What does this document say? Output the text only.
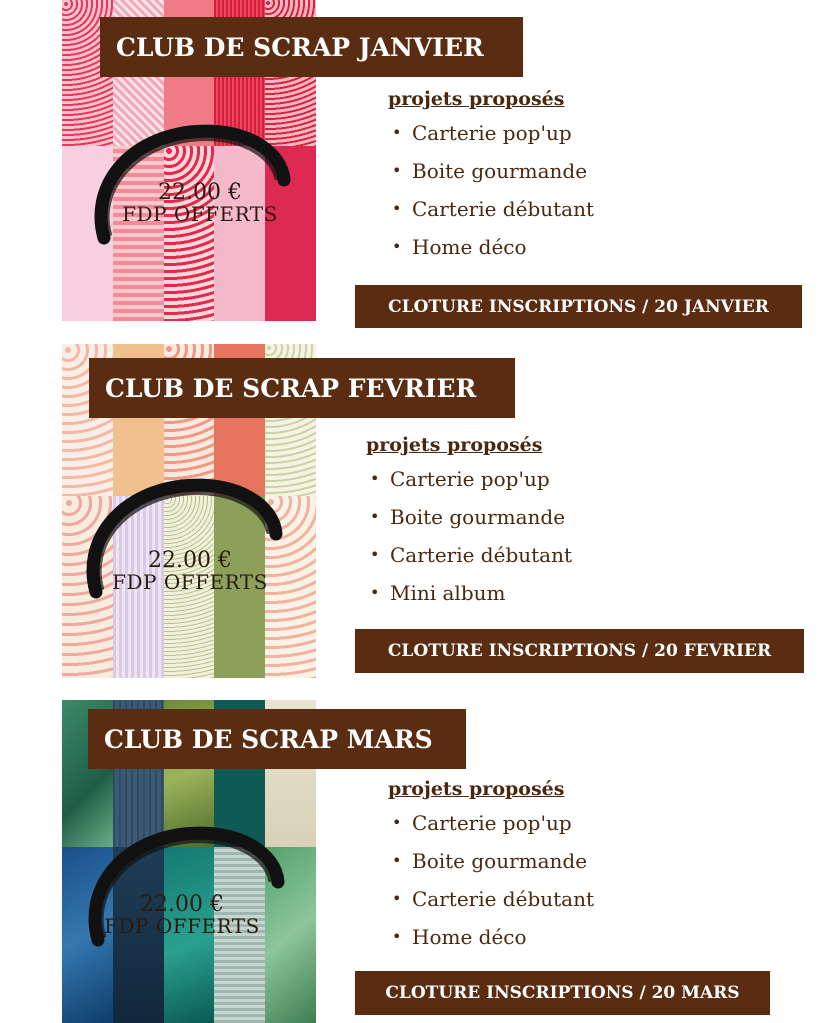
22.00 €
FDP OFFERTS
CLUB DE SCRAP JANVIER
projets proposés
• Carterie pop'up
• Boite gourmande
• Carterie débutant
• Home déco
CLOTURE INSCRIPTIONS / 20 JANVIER
22.00 €
FDP OFFERTS
CLUB DE SCRAP FEVRIER
projets proposés
• Carterie pop'up
• Boite gourmande
• Carterie débutant
• Mini album
CLOTURE INSCRIPTIONS / 20 FEVRIER
22.00 €
FDP OFFERTS
CLUB DE SCRAP MARS
projets proposés
• Carterie pop'up
• Boite gourmande
• Carterie débutant
• Home déco
CLOTURE INSCRIPTIONS / 20 MARS
